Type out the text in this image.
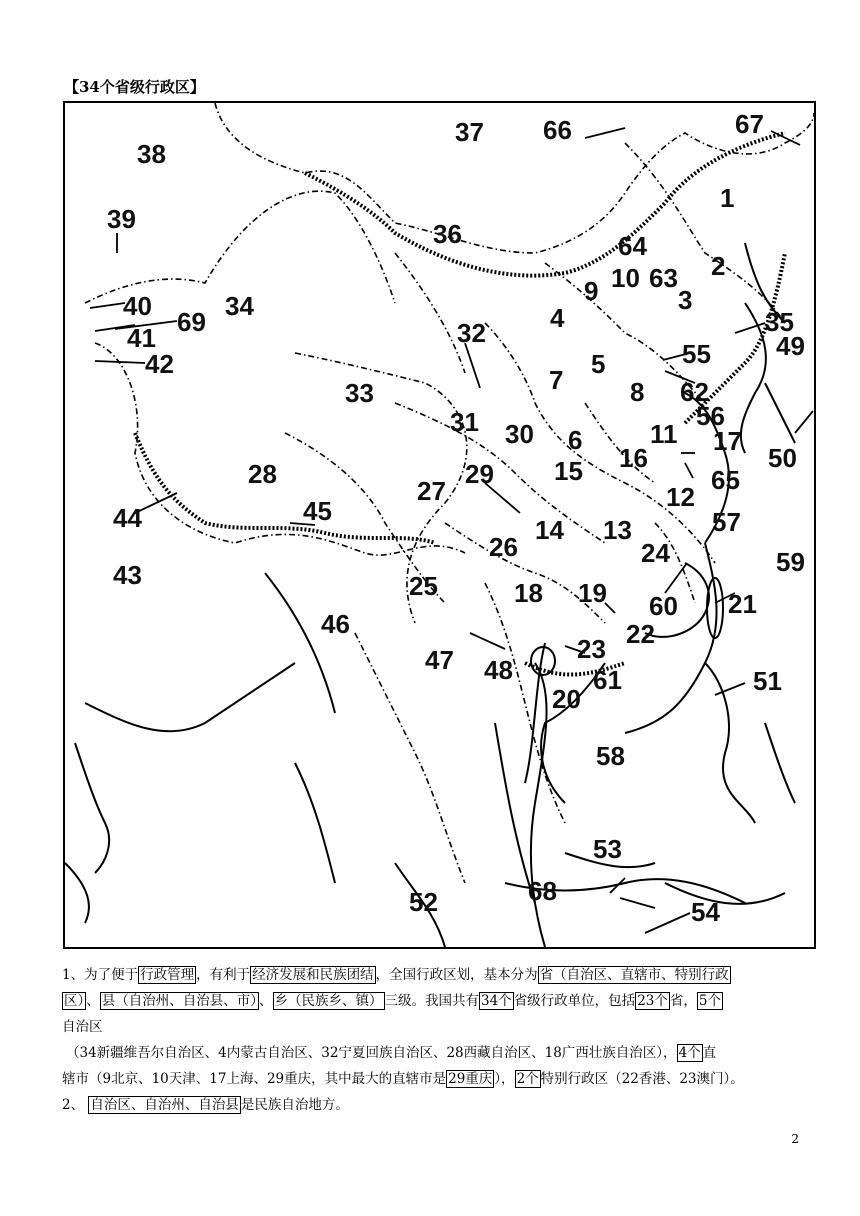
【34个省级行政区】
38
37 66	67
1
39	36	64
2
10 63
9	3
40	34	4	35
69	32
41
55	49
5
42
7	8 62
33
56
31 30 6	11 17
50
16
15
29	65
28
27	12
45
44	57
14 13
26	24	59
43	25	18 19 60 21
22
46
23
47 48	61	51
20
58
53
68
52	54
1、为了便于 行政管理 ，有利于 经济发展和民族团结 ，全国行政区划，基本分为 省（自治区、直辖市、特别行政
区） 、 县（自治州、自治县、市） 、 乡（民族乡、镇） 三级。我国共有 34个 省级行政单位，包括 23个 省， 5个
自治区
（34新疆维吾尔自治区、4内蒙古自治区、32宁夏回族自治区、28西藏自治区、18广西壮族自治区）， 4个 直
辖市（9北京、10天津、17上海、29重庆，其中最大的直辖市是 29重庆 ）， 2个 特别行政区（22香港、23澳门）。
2、 自治区、自治州、自治县 是民族自治地方。
2
